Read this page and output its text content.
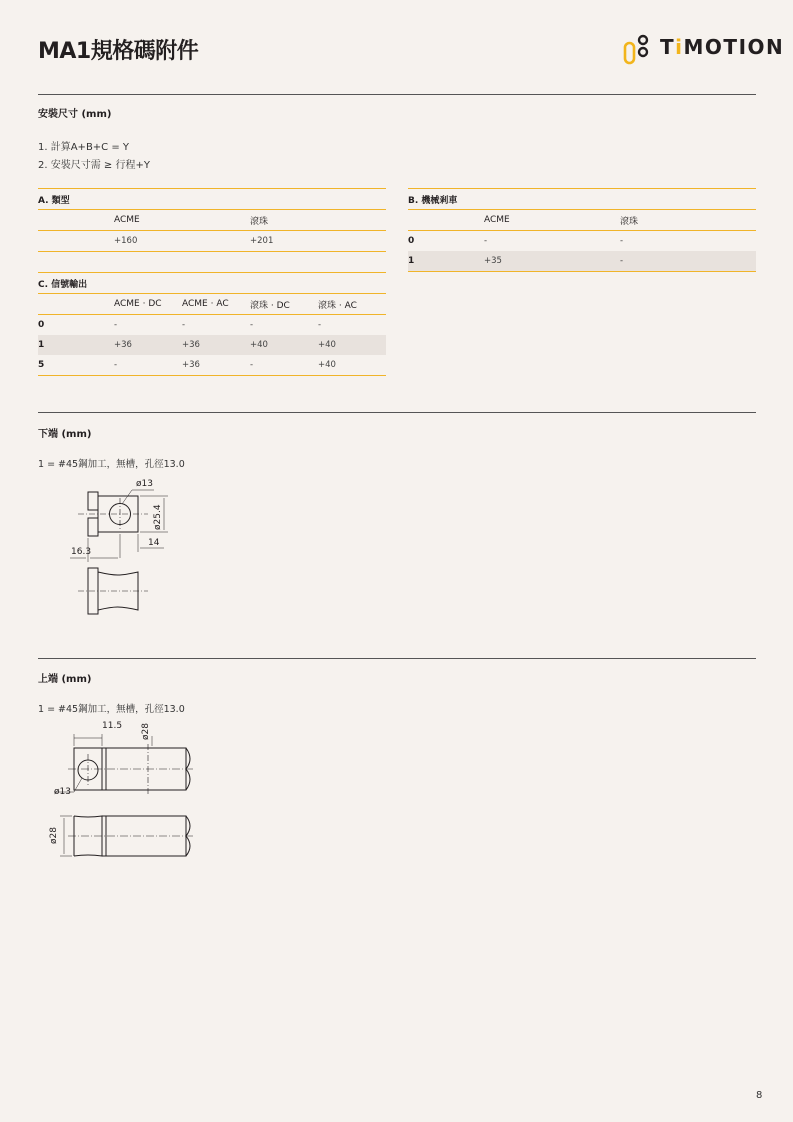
MA1規格碼附件	TiMOTION
安裝尺寸 (mm)
1. 計算A+B+C = Y
2. 安裝尺寸需 ≥ 行程+Y
A. 類型		
	ACME	滾珠
	+160	+201
B. 機械剎車		
	ACME	滾珠
0	-	-
1	+35	-
C. 信號輸出				
	ACME · DC	ACME · AC	滾珠 · DC	滾珠 · AC
0	-	-	-	-
1	+36	+36	+40	+40
5	-	+36	-	+40
下端 (mm)
1 = #45鋼加工，無槽，孔徑13.0
ø13
ø25.4
14
16.3
上端 (mm)
1 = #45鋼加工，無槽，孔徑13.0
11.5 ø28
ø13
ø28
8
